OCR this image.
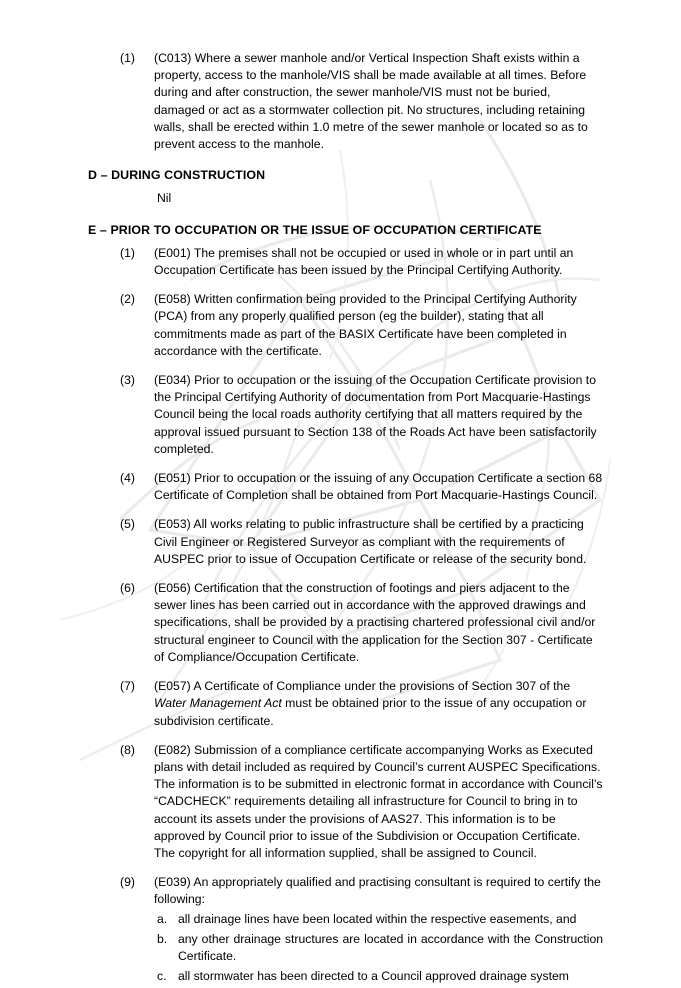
(1)	(C013) Where a sewer manhole and/or Vertical Inspection Shaft exists within a property, access to the manhole/VIS shall be made available at all times. Before during and after construction, the sewer manhole/VIS must not be buried, damaged or act as a stormwater collection pit. No structures, including retaining walls, shall be erected within 1.0 metre of the sewer manhole or located so as to prevent access to the manhole.
D – DURING CONSTRUCTION
Nil
E – PRIOR TO OCCUPATION OR THE ISSUE OF OCCUPATION CERTIFICATE
(1)	(E001) The premises shall not be occupied or used in whole or in part until an Occupation Certificate has been issued by the Principal Certifying Authority.
(2)	(E058) Written confirmation being provided to the Principal Certifying Authority (PCA) from any properly qualified person (eg the builder), stating that all commitments made as part of the BASIX Certificate have been completed in accordance with the certificate.
(3)	(E034) Prior to occupation or the issuing of the Occupation Certificate provision to the Principal Certifying Authority of documentation from Port Macquarie-Hastings Council being the local roads authority certifying that all matters required by the approval issued pursuant to Section 138 of the Roads Act have been satisfactorily completed.
(4)	(E051) Prior to occupation or the issuing of any Occupation Certificate a section 68 Certificate of Completion shall be obtained from Port Macquarie-Hastings Council.
(5)	(E053) All works relating to public infrastructure shall be certified by a practicing Civil Engineer or Registered Surveyor as compliant with the requirements of AUSPEC prior to issue of Occupation Certificate or release of the security bond.
(6)	(E056) Certification that the construction of footings and piers adjacent to the sewer lines has been carried out in accordance with the approved drawings and specifications, shall be provided by a practising chartered professional civil and/or structural engineer to Council with the application for the Section 307 - Certificate of Compliance/Occupation Certificate.
(7)	(E057) A Certificate of Compliance under the provisions of Section 307 of the Water Management Act must be obtained prior to the issue of any occupation or subdivision certificate.
(8)	(E082) Submission of a compliance certificate accompanying Works as Executed plans with detail included as required by Council’s current AUSPEC Specifications. The information is to be submitted in electronic format in accordance with Council’s “CADCHECK” requirements detailing all infrastructure for Council to bring in to account its assets under the provisions of AAS27. This information is to be approved by Council prior to issue of the Subdivision or Occupation Certificate. The copyright for all information supplied, shall be assigned to Council.
(9)	(E039) An appropriately qualified and practising consultant is required to certify the following:
a. all drainage lines have been located within the respective easements, and
b. any other drainage structures are located in accordance with the Construction Certificate.
c. all stormwater has been directed to a Council approved drainage system
